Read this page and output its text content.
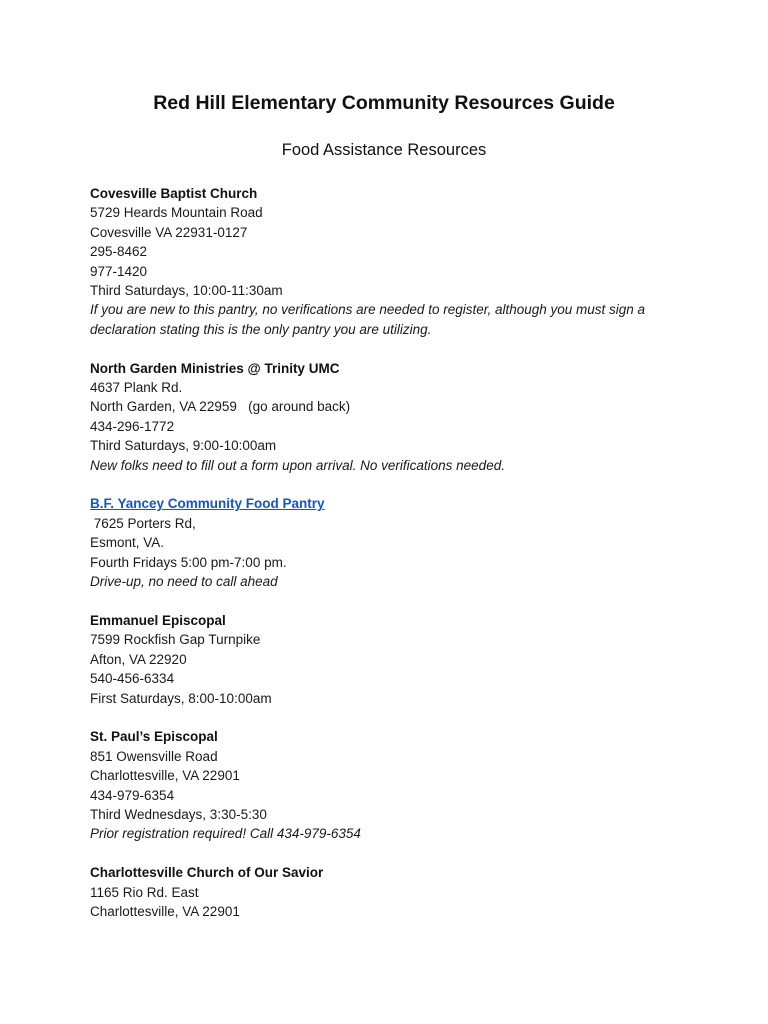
Red Hill Elementary Community Resources Guide
Food Assistance Resources
Covesville Baptist Church
5729 Heards Mountain Road
Covesville VA 22931-0127
295-8462
977-1420
Third Saturdays, 10:00-11:30am
If you are new to this pantry, no verifications are needed to register, although you must sign a declaration stating this is the only pantry you are utilizing.
North Garden Ministries @ Trinity UMC
4637 Plank Rd.
North Garden, VA 22959   (go around back)
434-296-1772
Third Saturdays, 9:00-10:00am
New folks need to fill out a form upon arrival. No verifications needed.
B.F. Yancey Community Food Pantry
7625 Porters Rd,
Esmont, VA.
Fourth Fridays 5:00 pm-7:00 pm.
Drive-up, no need to call ahead
Emmanuel Episcopal
7599 Rockfish Gap Turnpike
Afton, VA 22920
540-456-6334
First Saturdays, 8:00-10:00am
St. Paul’s Episcopal
851 Owensville Road
Charlottesville, VA 22901
434-979-6354
Third Wednesdays, 3:30-5:30
Prior registration required! Call 434-979-6354
Charlottesville Church of Our Savior
1165 Rio Rd. East
Charlottesville, VA 22901
